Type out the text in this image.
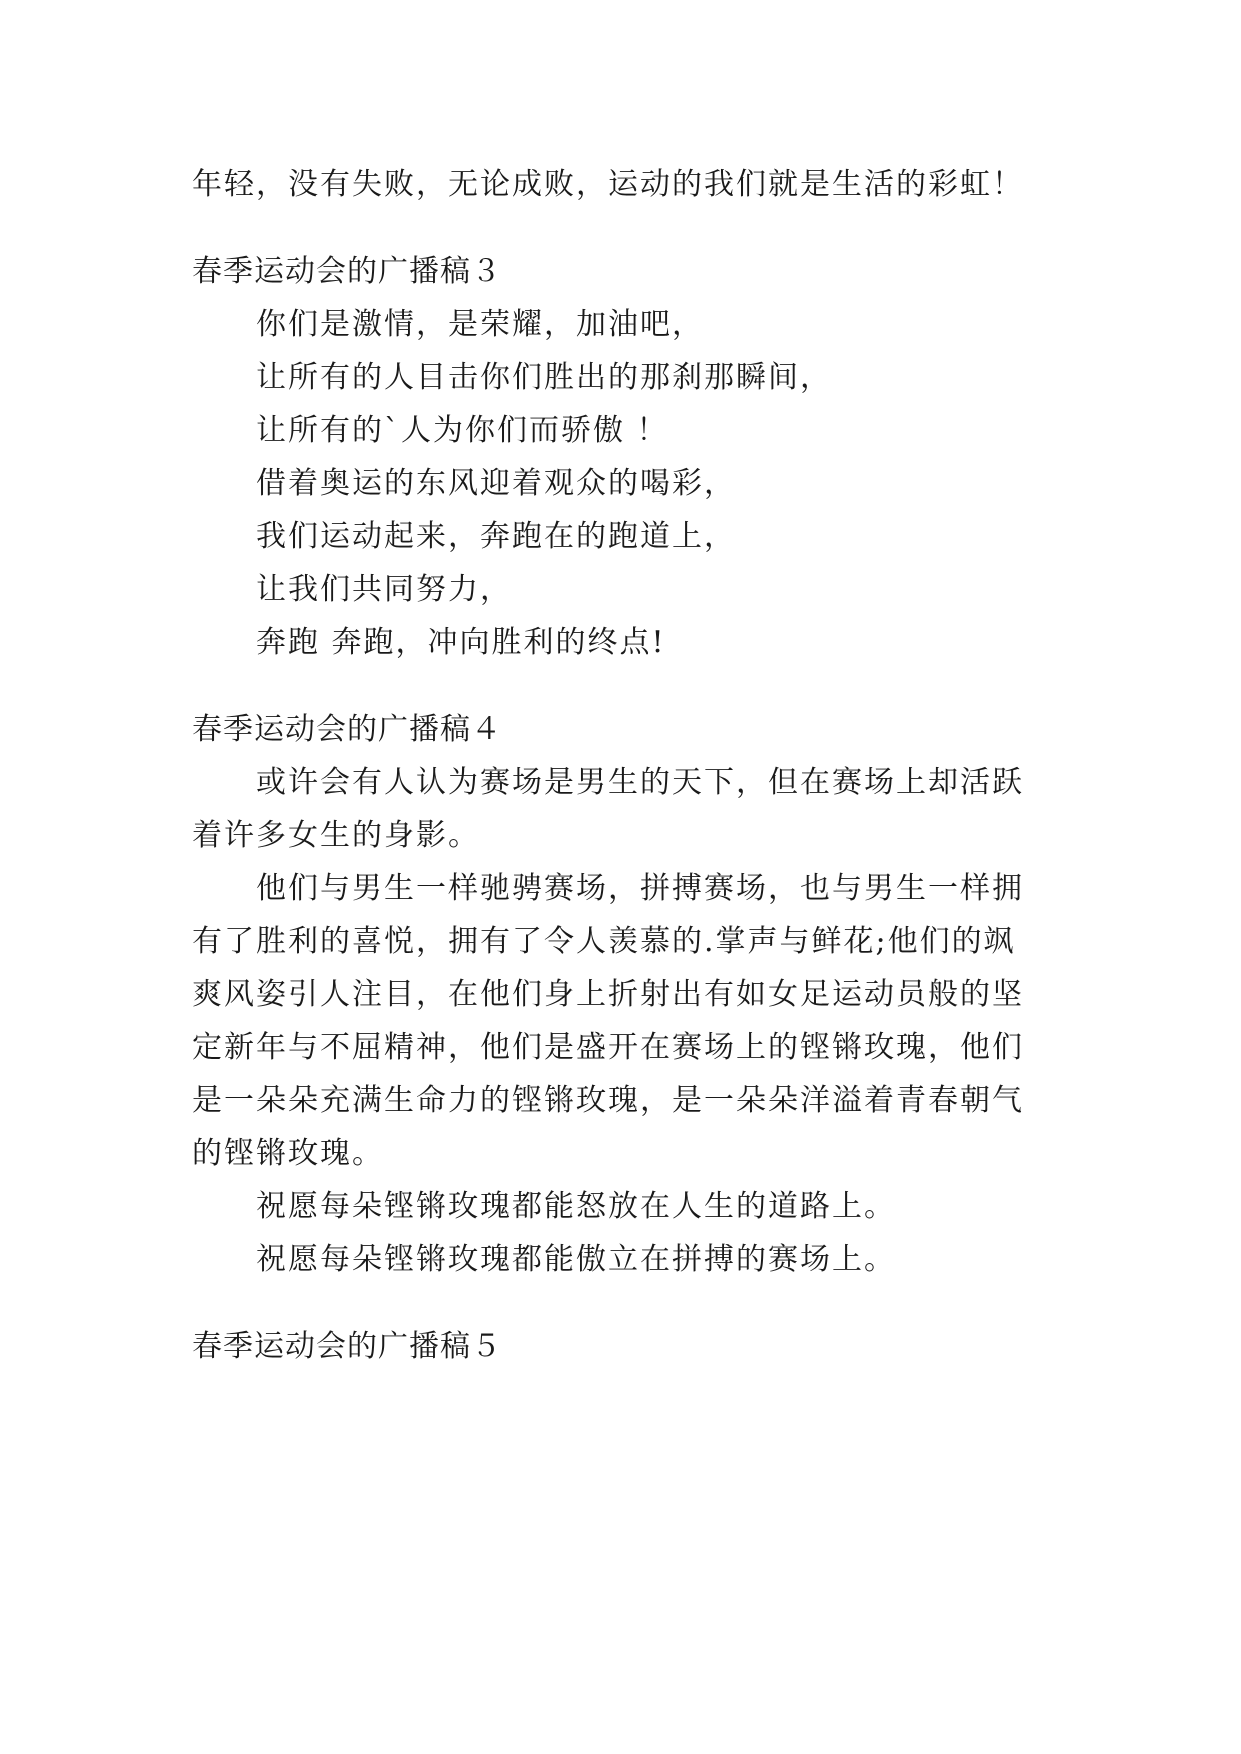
年轻，没有失败，无论成败，运动的我们就是生活的彩虹！
春季运动会的广播稿３
你们是激情，是荣耀，加油吧，
让所有的人目击你们胜出的那刹那瞬间，
让所有的`人为你们而骄傲 ！
借着奥运的东风迎着观众的喝彩，
我们运动起来，奔跑在的跑道上，
让我们共同努力，
奔跑 奔跑，冲向胜利的终点!
春季运动会的广播稿４
或许会有人认为赛场是男生的天下，但在赛场上却活跃
着许多女生的身影。
他们与男生一样驰骋赛场，拼搏赛场，也与男生一样拥
有了胜利的喜悦，拥有了令人羡慕的.掌声与鲜花;他们的飒
爽风姿引人注目，在他们身上折射出有如女足运动员般的坚
定新年与不屈精神，他们是盛开在赛场上的铿锵玫瑰，他们
是一朵朵充满生命力的铿锵玫瑰，是一朵朵洋溢着青春朝气
的铿锵玫瑰。
祝愿每朵铿锵玫瑰都能怒放在人生的道路上。
祝愿每朵铿锵玫瑰都能傲立在拼搏的赛场上。
春季运动会的广播稿５
